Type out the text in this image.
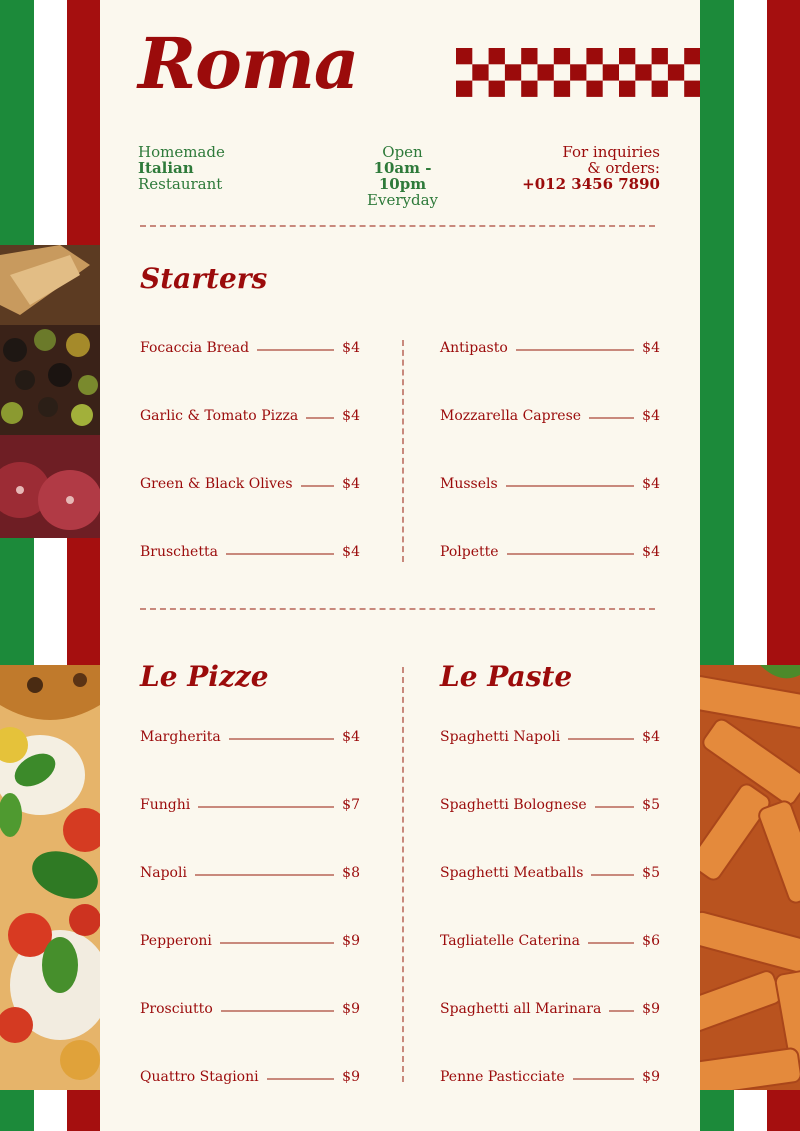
Roma
Homemade
Italian
Restaurant
Open
10am - 10pm
Everyday
For inquiries
& orders:
+012 3456 7890
Starters
Focaccia Bread	$4
Garlic & Tomato Pizza	$4
Green & Black Olives	$4
Bruschetta	$4
Antipasto	$4
Mozzarella Caprese	$4
Mussels	$4
Polpette	$4
Le Pizze	Le Paste
Margherita	$4
Funghi	$7
Napoli	$8
Pepperoni	$9
Prosciutto	$9
Quattro Stagioni	$9
Spaghetti Napoli	$4
Spaghetti Bolognese	$5
Spaghetti Meatballs	$5
Tagliatelle Caterina	$6
Spaghetti all Marinara	$9
Penne Pasticciate	$9
